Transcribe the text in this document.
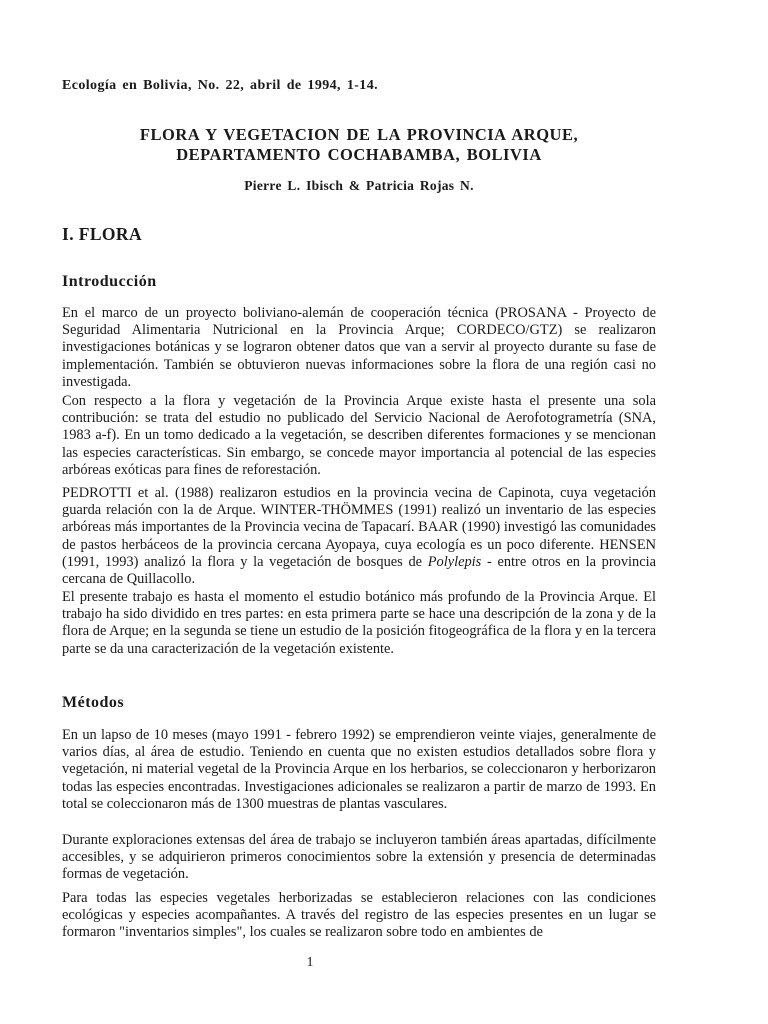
Ecología en Bolivia, No. 22, abril de 1994, 1-14.
FLORA Y VEGETACION DE LA PROVINCIA ARQUE,
DEPARTAMENTO COCHABAMBA, BOLIVIA
Pierre L. Ibisch & Patricia Rojas N.
I. FLORA
Introducción

En el marco de un proyecto boliviano-alemán de cooperación técnica (PROSANA - Proyecto de Seguridad Alimentaria Nutricional en la Provincia Arque; CORDECO/GTZ) se realizaron investigaciones botánicas y se lograron obtener datos que van a servir al proyecto durante su fase de implementación. También se obtuvieron nuevas informaciones sobre la flora de una región casi no investigada.

Con respecto a la flora y vegetación de la Provincia Arque existe hasta el presente una sola contribución: se trata del estudio no publicado del Servicio Nacional de Aerofotogrametría (SNA, 1983 a-f). En un tomo dedicado a la vegetación, se describen diferentes formaciones y se mencionan las especies características. Sin embargo, se concede mayor importancia al potencial de las especies arbóreas exóticas para fines de reforestación.

PEDROTTI et al. (1988) realizaron estudios en la provincia vecina de Capinota, cuya vegetación guarda relación con la de Arque. WINTER-THÖMMES (1991) realizó un inventario de las especies arbóreas más importantes de la Provincia vecina de Tapacarí. BAAR (1990) investigó las comunidades de pastos herbáceos de la provincia cercana Ayopaya, cuya ecología es un poco diferente. HENSEN (1991, 1993) analizó la flora y la vegetación de bosques de Polylepis - entre otros en la provincia cercana de Quillacollo.

El presente trabajo es hasta el momento el estudio botánico más profundo de la Provincia Arque. El trabajo ha sido dividido en tres partes: en esta primera parte se hace una descripción de la zona y de la flora de Arque; en la segunda se tiene un estudio de la posición fitogeográfica de la flora y en la tercera parte se da una caracterización de la vegetación existente.

Métodos

En un lapso de 10 meses (mayo 1991 - febrero 1992) se emprendieron veinte viajes, generalmente de varios días, al área de estudio. Teniendo en cuenta que no existen estudios detallados sobre flora y vegetación, ni material vegetal de la Provincia Arque en los herbarios, se coleccionaron y herborizaron todas las especies encontradas. Investigaciones adicionales se realizaron a partir de marzo de 1993. En total se coleccionaron más de 1300 muestras de plantas vasculares.

Durante exploraciones extensas del área de trabajo se incluyeron también áreas apartadas, difícilmente accesibles, y se adquirieron primeros conocimientos sobre la extensión y presencia de determinadas formas de vegetación.

Para todas las especies vegetales herborizadas se establecieron relaciones con las condiciones ecológicas y especies acompañantes. A través del registro de las especies presentes en un lugar se formaron "inventarios simples", los cuales se realizaron sobre todo en ambientes de

1
